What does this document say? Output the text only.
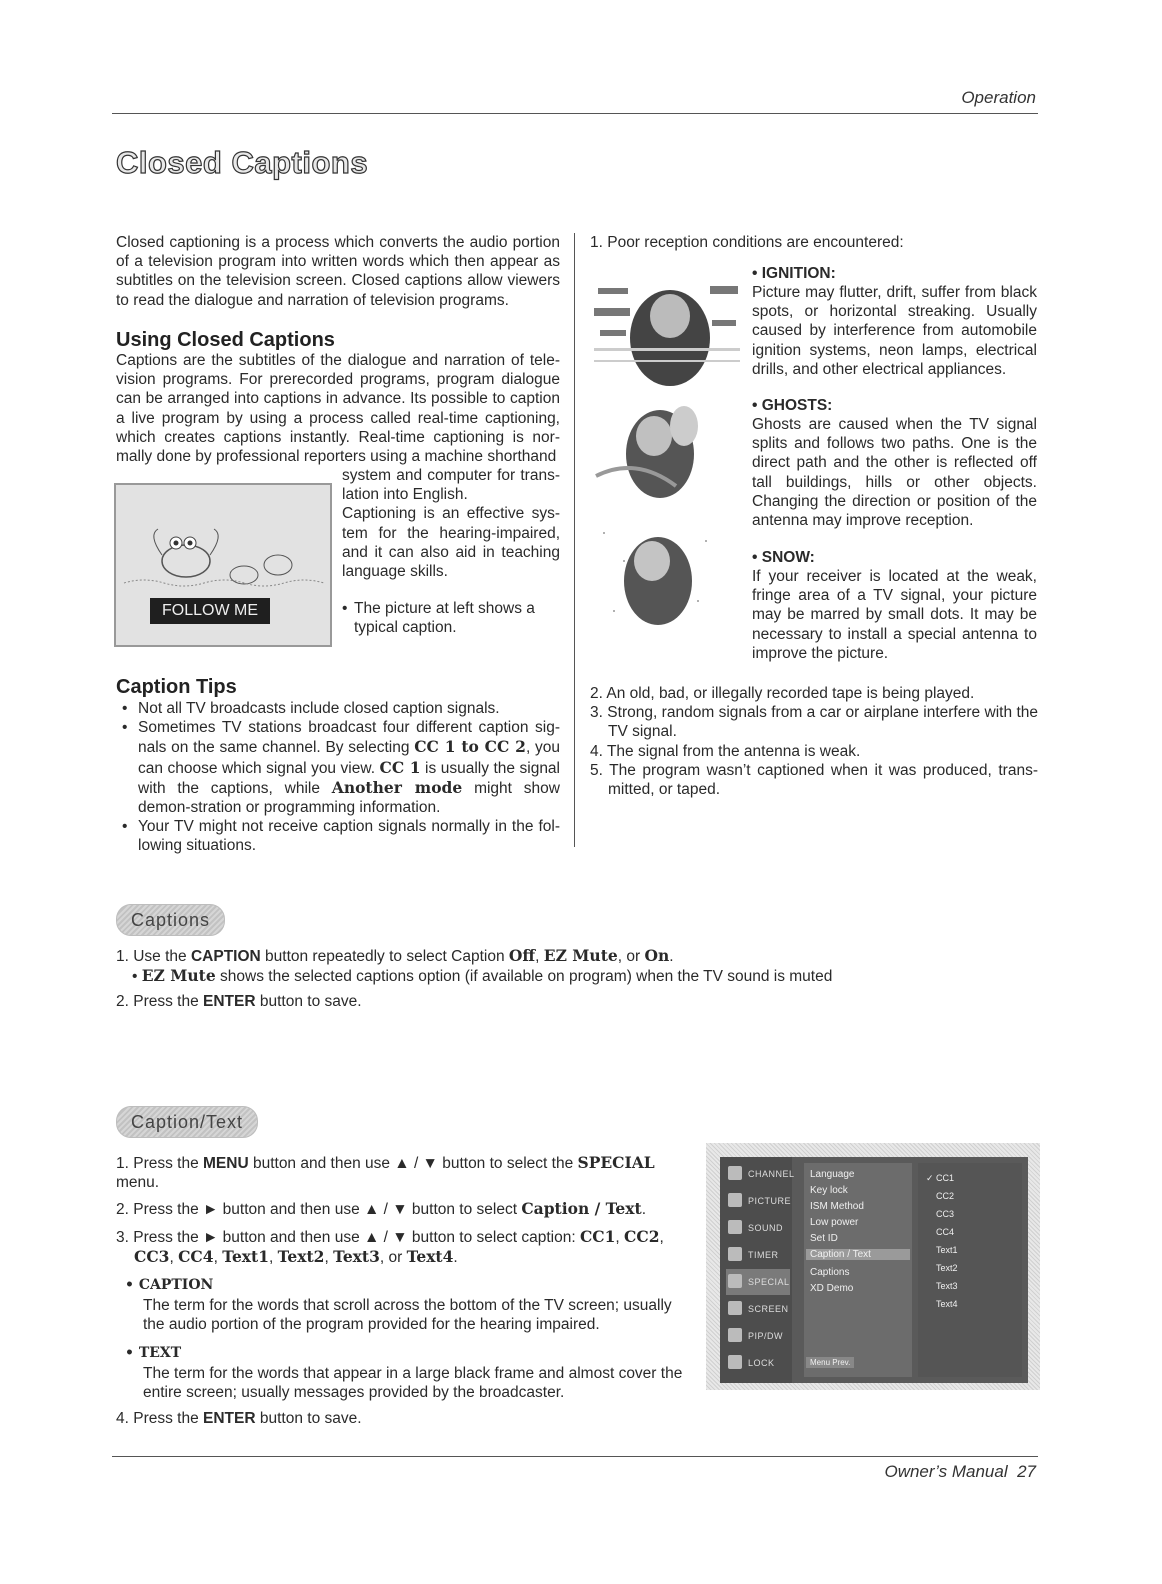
Operation
Closed Captions
Closed captioning is a process which converts the audio portion of a television program into written words which then appear as subtitles on the television screen. Closed captions allow viewers to read the dialogue and narration of television programs.
Using Closed Captions
Captions are the subtitles of the dialogue and narration of tele-vision programs. For prerecorded programs, program dialogue can be arranged into captions in advance. Its possible to caption a live program by using a process called real-time captioning, which creates captions instantly. Real-time captioning is nor-mally done by professional reporters using a machine shorthand
FOLLOW ME
system and computer for trans-lation into English.
Captioning is an effective sys-tem for the hearing-impaired, and it can also aid in teaching language skills.
• The picture at left shows a typical caption.
Caption Tips
• Not all TV broadcasts include closed caption signals.
• Sometimes TV stations broadcast four different caption sig-nals on the same channel. By selecting CC 1 to CC 2, you can choose which signal you view. CC 1 is usually the signal with the captions, while Another mode might show demon-stration or programming information.
• Your TV might not receive caption signals normally in the fol-lowing situations.
1. Poor reception conditions are encountered:
• IGNITION:
Picture may flutter, drift, suffer from black spots, or horizontal streaking. Usually caused by interference from automobile ignition systems, neon lamps, electrical drills, and other electrical appliances.
• GHOSTS:
Ghosts are caused when the TV signal splits and follows two paths. One is the direct path and the other is reflected off tall buildings, hills or other objects. Changing the direction or position of the antenna may improve reception.
• SNOW:
If your receiver is located at the weak, fringe area of a TV signal, your picture may be marred by small dots. It may be necessary to install a special antenna to improve the picture.
2. An old, bad, or illegally recorded tape is being played.
3. Strong, random signals from a car or airplane interfere with the TV signal.
4. The signal from the antenna is weak.
5. The program wasn’t captioned when it was produced, trans-mitted, or taped.
Captions
1. Use the CAPTION button repeatedly to select Caption Off, EZ Mute, or On.
• EZ Mute shows the selected captions option (if available on program) when the TV sound is muted
2. Press the ENTER button to save.
Caption/Text
1. Press the MENU button and then use ▲ / ▼ button to select the SPECIAL menu.
2. Press the ► button and then use ▲ / ▼ button to select Caption / Text.
3. Press the ► button and then use ▲ / ▼ button to select caption: CC1, CC2, CC3, CC4, Text1, Text2, Text3, or Text4.
• CAPTION
The term for the words that scroll across the bottom of the TV screen; usually the audio portion of the program provided for the hearing impaired.
• TEXT
The term for the words that appear in a large black frame and almost cover the entire screen; usually messages provided by the broadcaster.
4. Press the ENTER button to save.
CHANNEL
PICTURE
SOUND
TIMER
SPECIAL
SCREEN
PIP/DW
LOCK
Language
Key lock
ISM Method
Low power
Set ID
Caption / Text
Captions
XD Demo
Menu Prev.
✓ CC1
CC2
CC3
CC4
Text1
Text2
Text3
Text4
Owner’s Manual 27
